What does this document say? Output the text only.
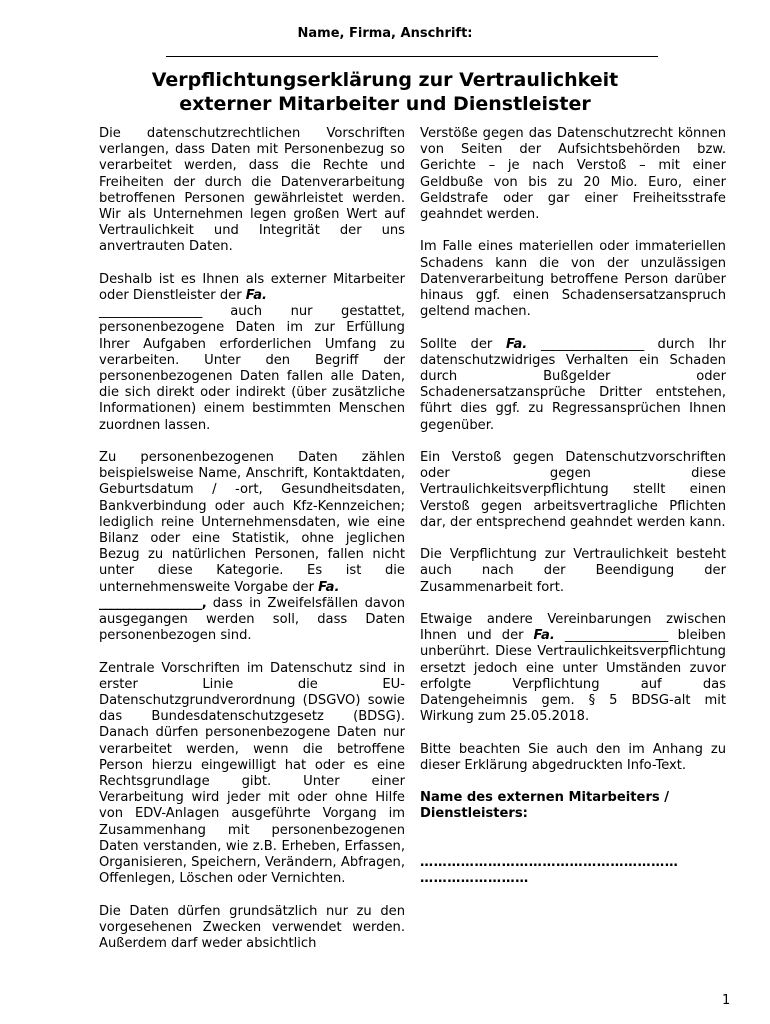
Name, Firma, Anschrift:
Verpflichtungserklärung zur Vertraulichkeit
externer Mitarbeiter und Dienstleister

Die datenschutzrechtlichen Vorschriften verlangen, dass Daten mit Personenbezug so verarbeitet werden, dass die Rechte und Freiheiten der durch die Datenverarbeitung betroffenen Personen gewährleistet werden. Wir als Unternehmen legen großen Wert auf Vertraulichkeit und Integrität der uns anvertrauten Daten.

Deshalb ist es Ihnen als externer Mitarbeiter oder Dienstleister der Fa.
_________________ auch nur gestattet, personenbezogene Daten im zur Erfüllung Ihrer Aufgaben erforderlichen Umfang zu verarbeiten. Unter den Begriff der personenbezogenen Daten fallen alle Daten, die sich direkt oder indirekt (über zusätzliche Informationen) einem bestimmten Menschen zuordnen lassen.

Zu personenbezogenen Daten zählen beispielsweise Name, Anschrift, Kontaktdaten, Geburtsdatum / -ort, Gesundheitsdaten, Bankverbindung oder auch Kfz-Kennzeichen; lediglich reine Unternehmensdaten, wie eine Bilanz oder eine Statistik, ohne jeglichen Bezug zu natürlichen Personen, fallen nicht unter diese Kategorie. Es ist die unternehmensweite Vorgabe der Fa.
_________________, dass in Zweifelsfällen davon ausgegangen werden soll, dass Daten personenbezogen sind.

Zentrale Vorschriften im Datenschutz sind in erster Linie die EU-Datenschutzgrundverordnung (DSGVO) sowie das Bundesdatenschutzgesetz (BDSG). Danach dürfen personenbezogene Daten nur verarbeitet werden, wenn die betroffene Person hierzu eingewilligt hat oder es eine Rechtsgrundlage gibt. Unter einer Verarbeitung wird jeder mit oder ohne Hilfe von EDV-Anlagen ausgeführte Vorgang im Zusammenhang mit personenbezogenen Daten verstanden, wie z.B. Erheben, Erfassen, Organisieren, Speichern, Verändern, Abfragen, Offenlegen, Löschen oder Vernichten.

Die Daten dürfen grundsätzlich nur zu den vorgesehenen Zwecken verwendet werden. Außerdem darf weder absichtlich

Verstöße gegen das Datenschutzrecht können von Seiten der Aufsichtsbehörden bzw. Gerichte – je nach Verstoß – mit einer Geldbuße von bis zu 20 Mio. Euro, einer Geldstrafe oder gar einer Freiheitsstrafe geahndet werden.

Im Falle eines materiellen oder immateriellen Schadens kann die von der unzulässigen Datenverarbeitung betroffene Person darüber hinaus ggf. einen Schadensersatzanspruch geltend machen.

Sollte der Fa. _________________ durch Ihr datenschutzwidriges Verhalten ein Schaden durch Bußgelder oder Schadenersatzansprüche Dritter entstehen, führt dies ggf. zu Regressansprüchen Ihnen gegenüber.

Ein Verstoß gegen Datenschutzvorschriften oder gegen diese Vertraulichkeitsverpflichtung stellt einen Verstoß gegen arbeitsvertragliche Pflichten dar, der entsprechend geahndet werden kann.

Die Verpflichtung zur Vertraulichkeit besteht auch nach der Beendigung der Zusammenarbeit fort.

Etwaige andere Vereinbarungen zwischen Ihnen und der Fa. _________________ bleiben unberührt. Diese Vertraulichkeitsverpflichtung ersetzt jedoch eine unter Umständen zuvor erfolgte Verpflichtung auf das Datengeheimnis gem. § 5 BDSG-alt mit Wirkung zum 25.05.2018.

Bitte beachten Sie auch den im Anhang zu dieser Erklärung abgedruckten Info-Text.

Name des externen Mitarbeiters / Dienstleisters:

…………………………………………………

……………………

1
